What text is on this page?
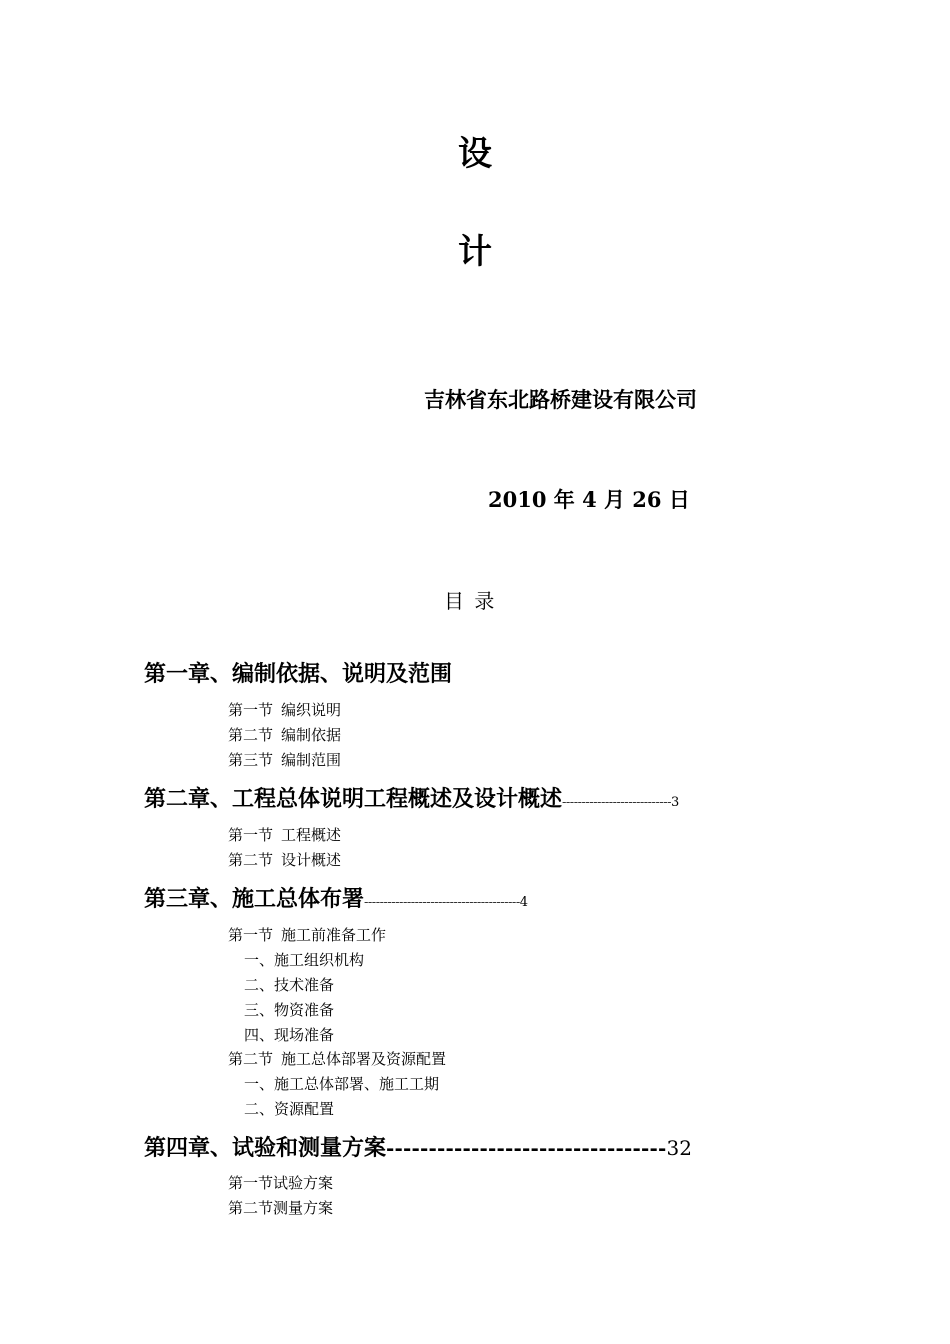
设
计
吉林省东北路桥建设有限公司
2010 年 4 月 26 日
目 录
第一章、编制依据、说明及范围
第一节 编织说明
第二节 编制依据
第三节 编制范围
第二章、工程总体说明工程概述及设计概述----------------------------3
第一节 工程概述
第二节 设计概述
第三章、施工总体布署----------------------------------------4
第一节 施工前准备工作
一、施工组织机构
二、技术准备
三、物资准备
四、现场准备
第二节 施工总体部署及资源配置
一、施工总体部署、施工工期
二、资源配置
第四章、试验和测量方案---------------------------------32
第一节试验方案
第二节测量方案
